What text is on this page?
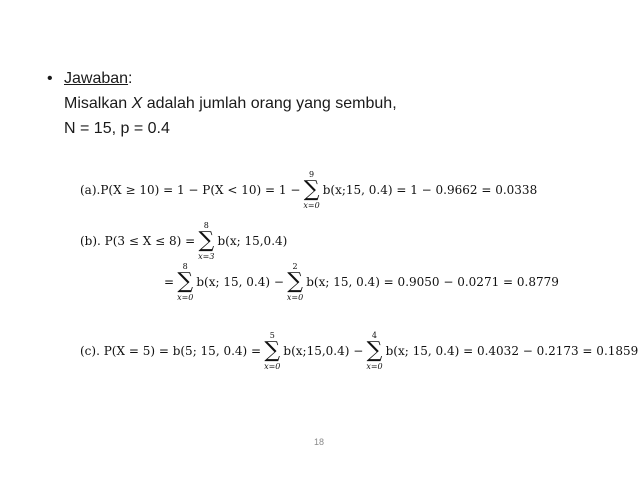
• Jawaban:
Misalkan X adalah jumlah orang yang sembuh,
N = 15, p = 0.4
(a).P(X ≥ 10) = 1 − P(X < 10) = 1 −
9
∑
x=0
b(x;15, 0.4) = 1 − 0.9662 = 0.0338
(b). P(3 ≤ X ≤ 8) =
8
∑
x=3
b(x; 15,0.4)
=
8
∑
x=0
b(x; 15, 0.4) −
2
∑
x=0
b(x; 15, 0.4) = 0.9050 − 0.0271 = 0.8779
(c). P(X = 5) = b(5; 15, 0.4) =
5
∑
x=0
b(x;15,0.4) −
4
∑
x=0
b(x; 15, 0.4) = 0.4032 − 0.2173 = 0.1859
18
